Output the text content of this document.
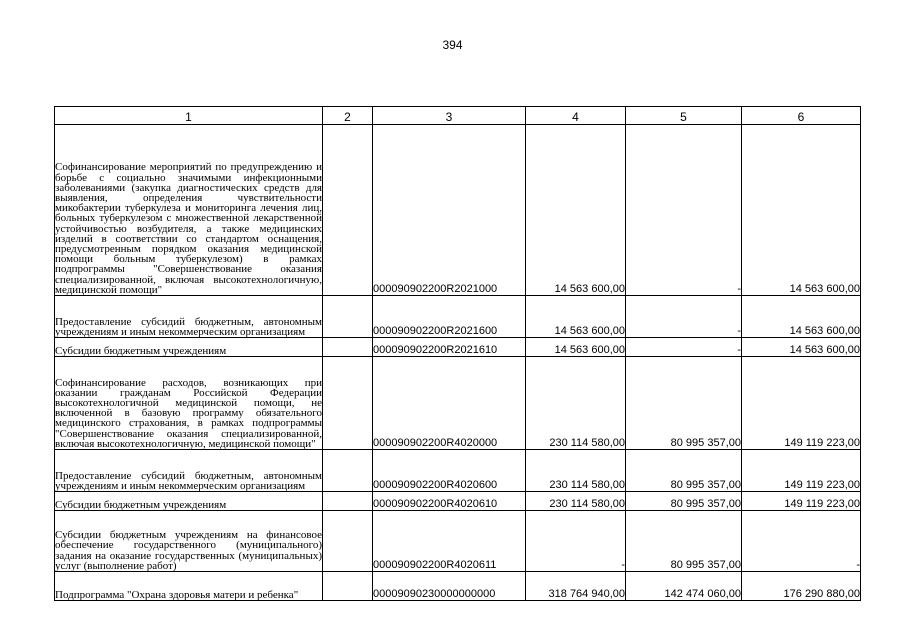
394
1	2	3	4	5	6

Софинансирование мероприятий по предупреждению и борьбе с социально значимыми инфекционными заболеваниями (закупка диагностических средств для выявления, определения чувствительности микобактерии туберкулеза и мониторинга лечения лиц, больных туберкулезом с множественной лекарственной устойчивостью возбудителя, а также медицинских изделий в соответствии со стандартом оснащения, предусмотренным порядком оказания медицинской помощи больным туберкулезом) в рамках подпрограммы "Совершенствование оказания специализированной, включая высокотехнологичную, медицинской помощи"		000090902200R2021000	14 563 600,00	-	14 563 600,00

Предоставление субсидий бюджетным, автономным учреждениям и иным некоммерческим организациям		000090902200R2021600	14 563 600,00	-	14 563 600,00

Субсидии бюджетным учреждениям		000090902200R2021610	14 563 600,00	-	14 563 600,00

Софинансирование расходов, возникающих при оказании гражданам Российской Федерации высокотехнологичной медицинской помощи, не включенной в базовую программу обязательного медицинского страхования, в рамках подпрограммы "Совершенствование оказания специализированной, включая высокотехнологичную, медицинской помощи"		000090902200R4020000	230 114 580,00	80 995 357,00	149 119 223,00

Предоставление субсидий бюджетным, автономным учреждениям и иным некоммерческим организациям		000090902200R4020600	230 114 580,00	80 995 357,00	149 119 223,00

Субсидии бюджетным учреждениям		000090902200R4020610	230 114 580,00	80 995 357,00	149 119 223,00

Субсидии бюджетным учреждениям на финансовое обеспечение государственного (муниципального) задания на оказание государственных (муниципальных) услуг (выполнение работ)		000090902200R4020611	-	80 995 357,00	-

Подпрограмма "Охрана здоровья матери и ребенка"		00009090230000000000	318 764 940,00	142 474 060,00	176 290 880,00
